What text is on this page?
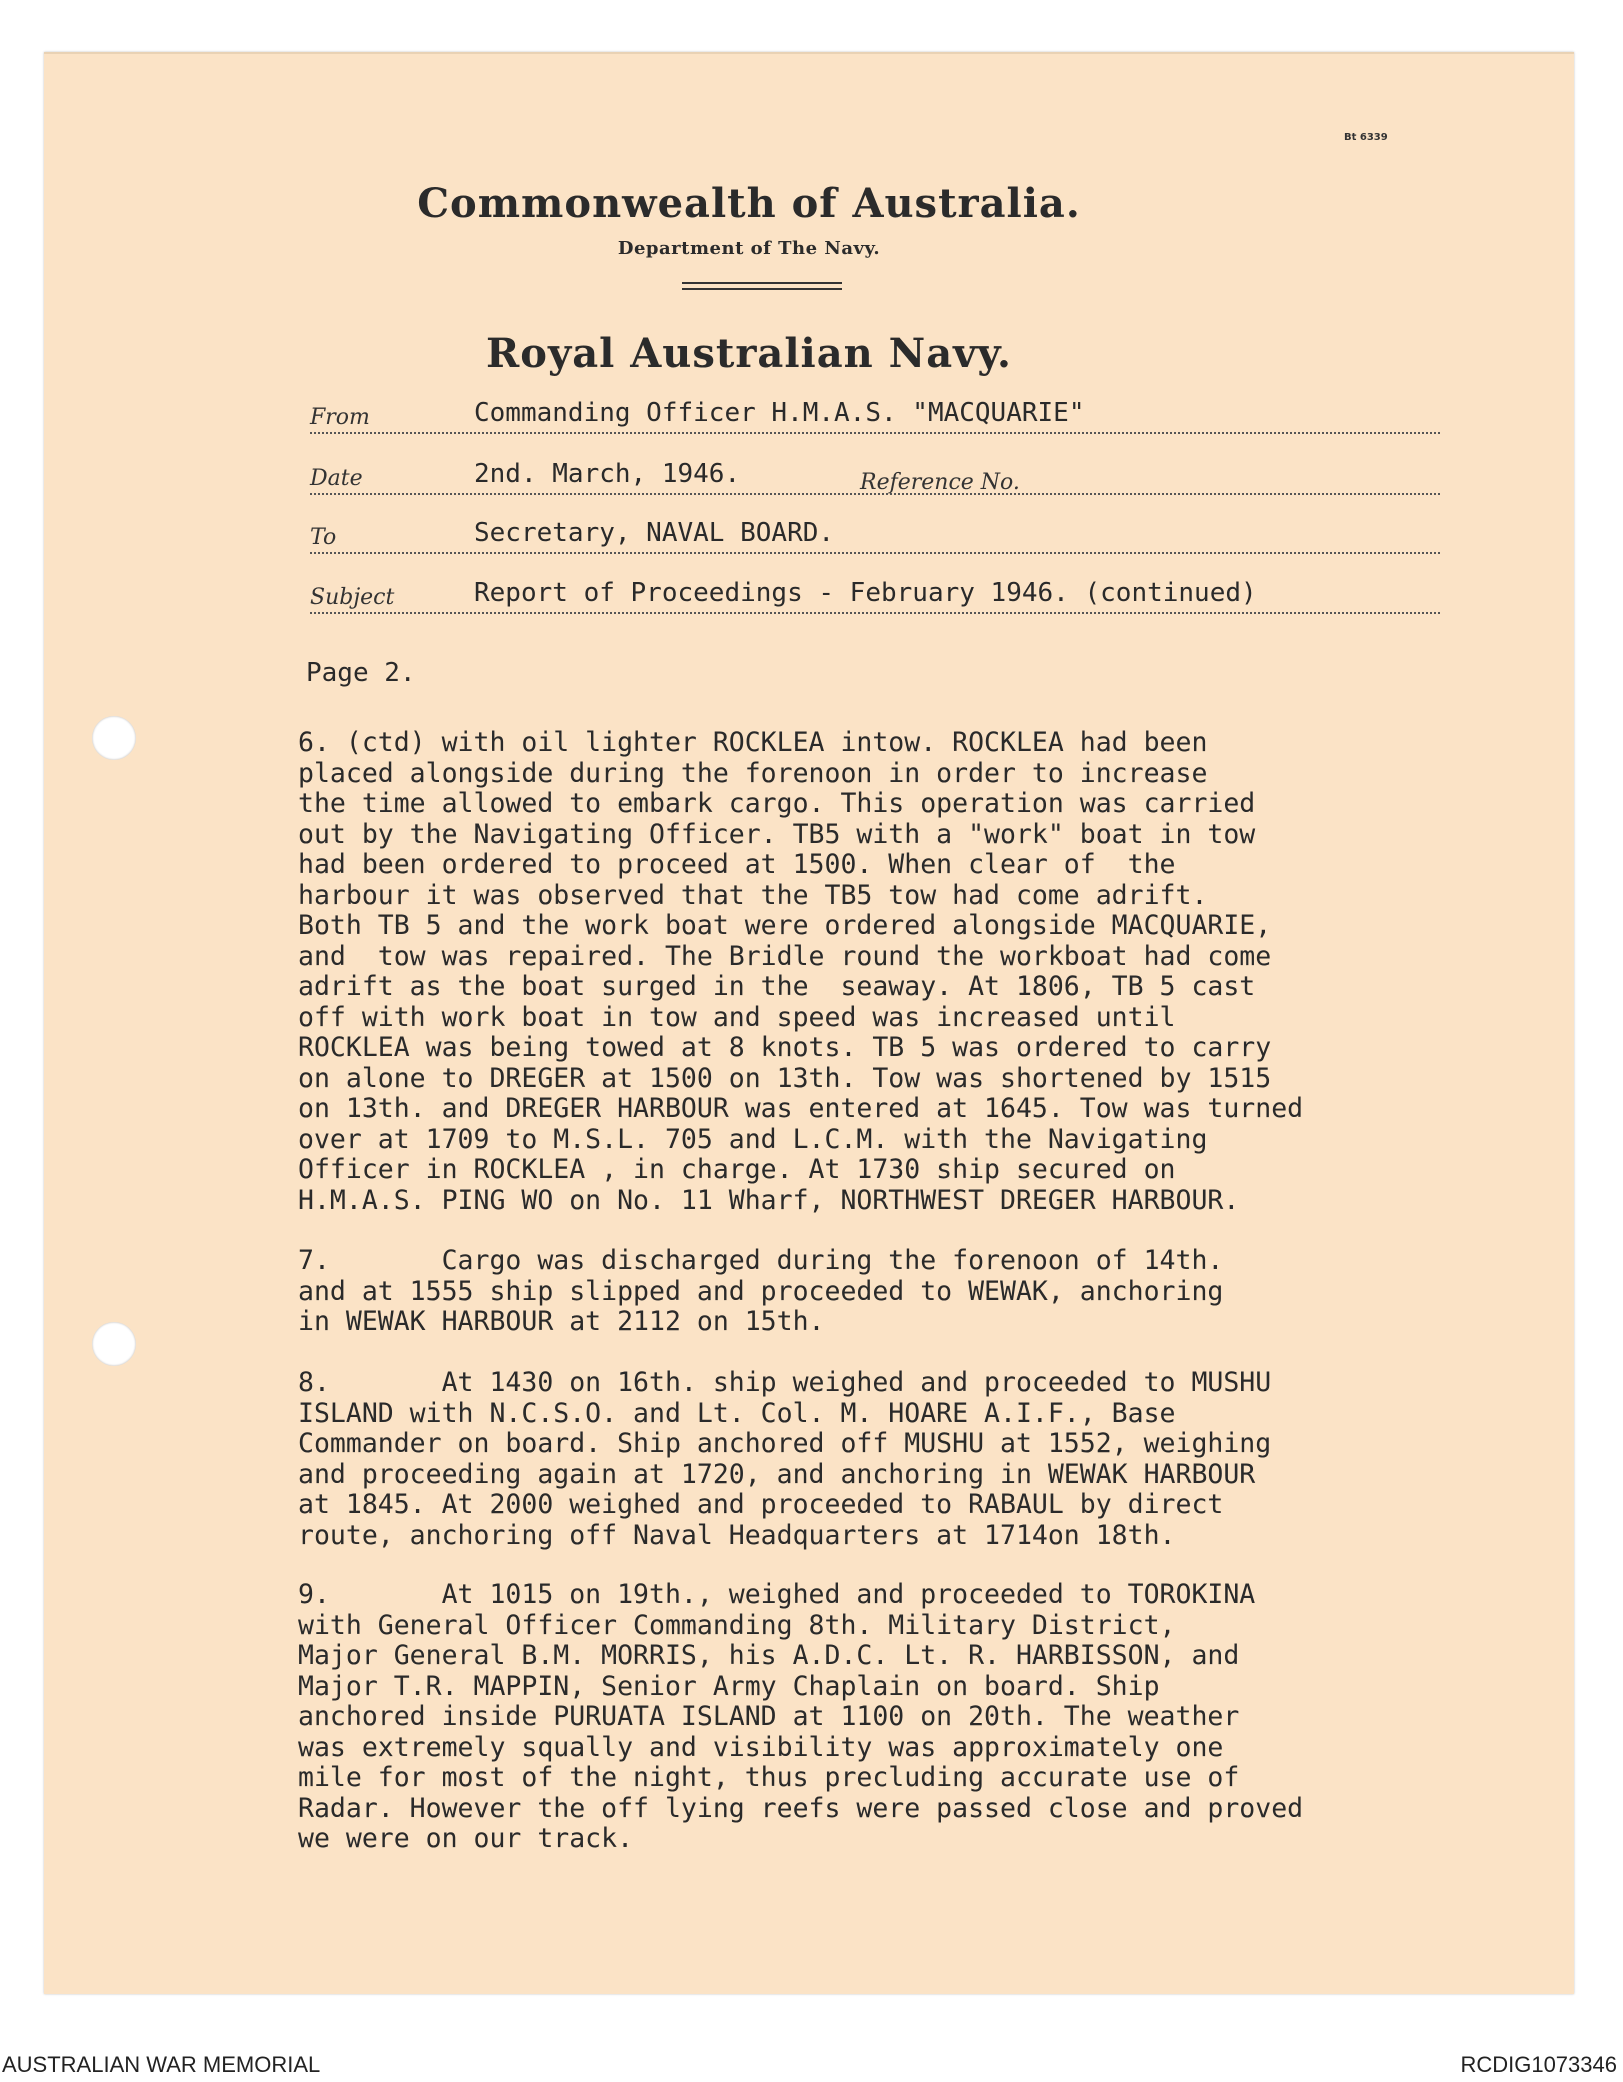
Bt 6339
Commonwealth of Australia.
Department of The Navy.
Royal Australian Navy.
From	Commanding Officer H.M.A.S. "MACQUARIE"
Date	2nd. March, 1946.	Reference No.
To	Secretary, NAVAL BOARD.
Subject	Report of Proceedings - February 1946. (continued)
Page 2.
6. (ctd) with oil lighter ROCKLEA intow. ROCKLEA had been
placed alongside during the forenoon in order to increase
the time allowed to embark cargo. This operation was carried
out by the Navigating Officer. TB5 with a "work" boat in tow
had been ordered to proceed at 1500. When clear of  the
harbour it was observed that the TB5 tow had come adrift.
Both TB 5 and the work boat were ordered alongside MACQUARIE,
and  tow was repaired. The Bridle round the workboat had come
adrift as the boat surged in the  seaway. At 1806, TB 5 cast
off with work boat in tow and speed was increased until
ROCKLEA was being towed at 8 knots. TB 5 was ordered to carry
on alone to DREGER at 1500 on 13th. Tow was shortened by 1515
on 13th. and DREGER HARBOUR was entered at 1645. Tow was turned
over at 1709 to M.S.L. 705 and L.C.M. with the Navigating
Officer in ROCKLEA , in charge. At 1730 ship secured on
H.M.A.S. PING WO on No. 11 Wharf, NORTHWEST DREGER HARBOUR.
7.       Cargo was discharged during the forenoon of 14th.
and at 1555 ship slipped and proceeded to WEWAK, anchoring
in WEWAK HARBOUR at 2112 on 15th.
8.       At 1430 on 16th. ship weighed and proceeded to MUSHU
ISLAND with N.C.S.O. and Lt. Col. M. HOARE A.I.F., Base
Commander on board. Ship anchored off MUSHU at 1552, weighing
and proceeding again at 1720, and anchoring in WEWAK HARBOUR
at 1845. At 2000 weighed and proceeded to RABAUL by direct
route, anchoring off Naval Headquarters at 1714on 18th.
9.       At 1015 on 19th., weighed and proceeded to TOROKINA
with General Officer Commanding 8th. Military District,
Major General B.M. MORRIS, his A.D.C. Lt. R. HARBISSON, and
Major T.R. MAPPIN, Senior Army Chaplain on board. Ship
anchored inside PURUATA ISLAND at 1100 on 20th. The weather
was extremely squally and visibility was approximately one
mile for most of the night, thus precluding accurate use of
Radar. However the off lying reefs were passed close and proved
we were on our track.
AUSTRALIAN WAR MEMORIAL	RCDIG1073346
